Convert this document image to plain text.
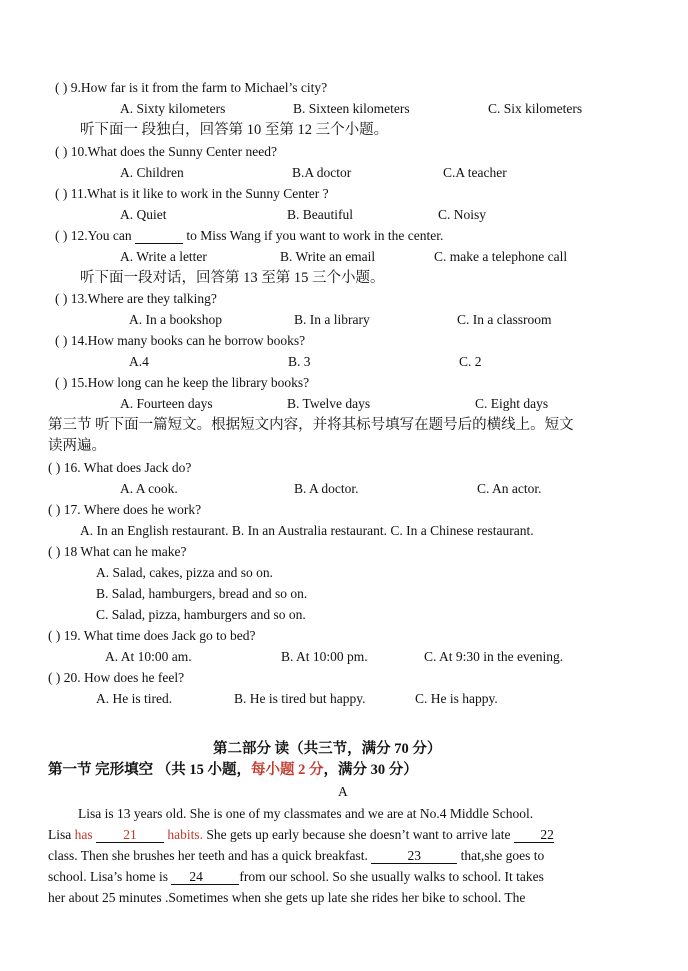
( ) 9.How far is it from the farm to Michael’s city?
A. Sixty kilometers	B. Sixteen kilometers	C. Six kilometers
听下面一 段独白，回答第 10 至第 12 三个小题。
( ) 10.What does the Sunny Center need?
A. Children	B.A doctor	C.A teacher
( ) 11.What is it like to work in the Sunny Center ?
A. Quiet	B. Beautiful	C. Noisy
( ) 12.You can	to Miss Wang if you want to work in the center.
A. Write a letter	B. Write an email	C. make a telephone call
听下面一段对话，回答第 13 至第 15 三个小题。
( ) 13.Where are they talking?
A. In a bookshop	B. In a library	C. In a classroom
( ) 14.How many books can he borrow books?
A.4	B. 3	C. 2
( ) 15.How long can he keep the library books?
A. Fourteen days	B. Twelve days	C. Eight days
第三节 听下面一篇短文。根据短文内容，并将其标号填写在题号后的横线上。短文
读两遍。
( ) 16. What does Jack do?
A. A cook.	B. A doctor.	C. An actor.
( ) 17. Where does he work?
A. In an English restaurant. B. In an Australia restaurant. C. In a Chinese restaurant.
( ) 18 What can he make?
A. Salad, cakes, pizza and so on.
B. Salad, hamburgers, bread and so on.
C. Salad, pizza, hamburgers and so on.
( ) 19. What time does Jack go to bed?
A. At 10:00 am.	B. At 10:00 pm.	C. At 9:30 in the evening.
( ) 20. How does he feel?
A. He is tired.	B. He is tired but happy.	C. He is happy.
第二部分 读（共三节，满分 70 分）
第一节 完形填空 （共 15 小题，每小题 2 分，满分 30 分）
A
Lisa is 13 years old. She is one of my classmates and we are at No.4 Middle School.
Lisa has 21 habits. She gets up early because she doesn’t want to arrive late 22
class. Then she brushes her teeth and has a quick breakfast.	23	that,she goes to
school. Lisa’s home is 24	from our school. So she usually walks to school. It takes
her about 25 minutes .Sometimes when she gets up late she rides her bike to school. The
